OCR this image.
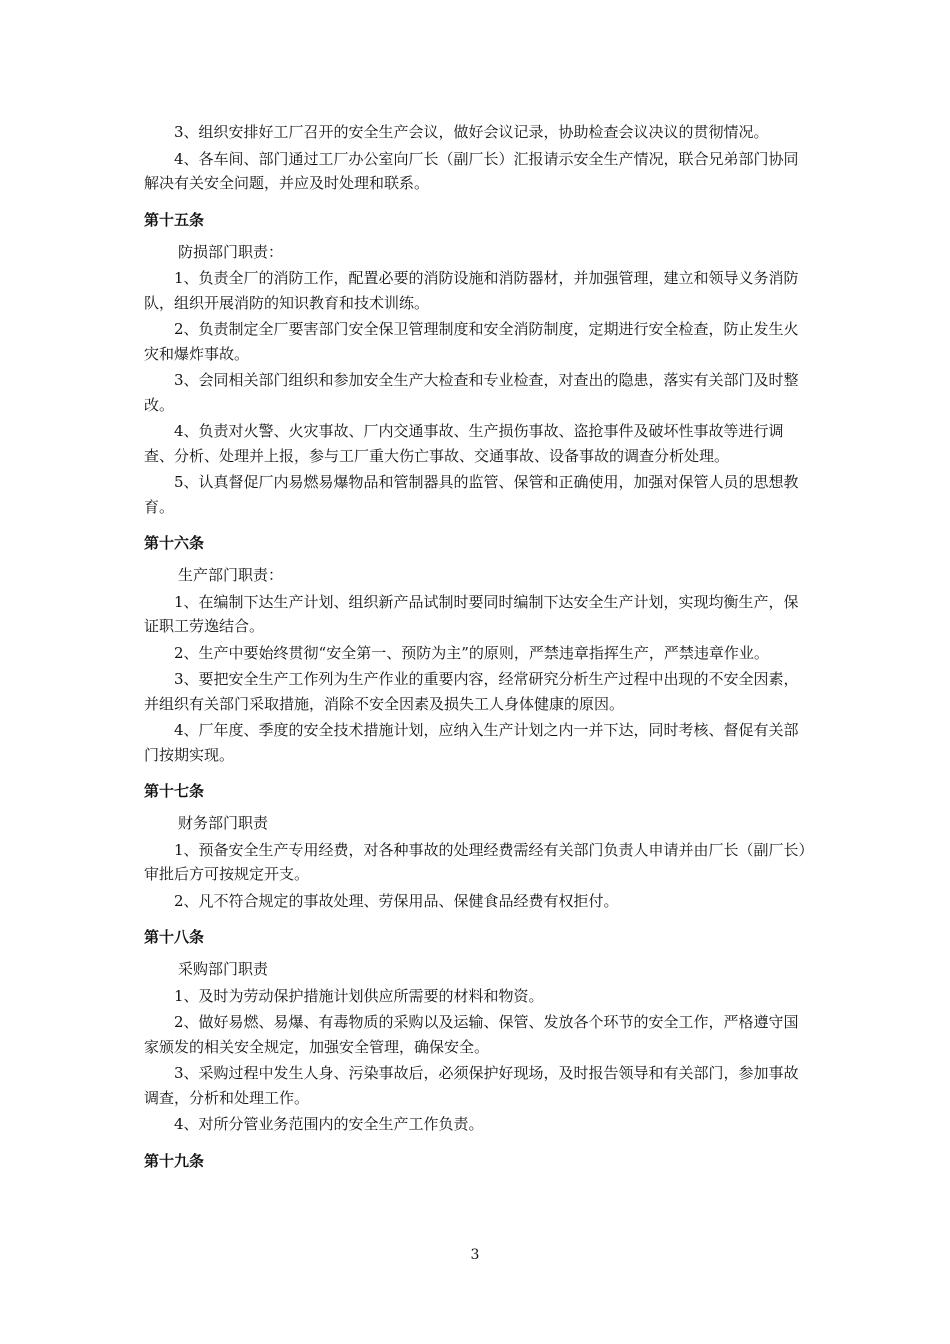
3、组织安排好工厂召开的安全生产会议，做好会议记录，协助检查会议决议的贯彻情况。

4、各车间、部门通过工厂办公室向厂长（副厂长）汇报请示安全生产情况，联合兄弟部门协同解决有关安全问题，并应及时处理和联系。

第十五条

防损部门职责：

1、负责全厂的消防工作，配置必要的消防设施和消防器材，并加强管理，建立和领导义务消防队，组织开展消防的知识教育和技术训练。

2、负责制定全厂要害部门安全保卫管理制度和安全消防制度，定期进行安全检查，防止发生火灾和爆炸事故。

3、会同相关部门组织和参加安全生产大检查和专业检查，对查出的隐患，落实有关部门及时整改。

4、负责对火警、火灾事故、厂内交通事故、生产损伤事故、盗抢事件及破坏性事故等进行调查、分析、处理并上报，参与工厂重大伤亡事故、交通事故、设备事故的调查分析处理。

5、认真督促厂内易燃易爆物品和管制器具的监管、保管和正确使用，加强对保管人员的思想教育。

第十六条

生产部门职责：

1、在编制下达生产计划、组织新产品试制时要同时编制下达安全生产计划，实现均衡生产，保证职工劳逸结合。

2、生产中要始终贯彻“安全第一、预防为主”的原则，严禁违章指挥生产，严禁违章作业。

3、要把安全生产工作列为生产作业的重要内容，经常研究分析生产过程中出现的不安全因素，并组织有关部门采取措施，消除不安全因素及损失工人身体健康的原因。

4、厂年度、季度的安全技术措施计划，应纳入生产计划之内一并下达，同时考核、督促有关部门按期实现。

第十七条

财务部门职责

1、预备安全生产专用经费，对各种事故的处理经费需经有关部门负责人申请并由厂长（副厂长）审批后方可按规定开支。

2、凡不符合规定的事故处理、劳保用品、保健食品经费有权拒付。

第十八条

采购部门职责

1、及时为劳动保护措施计划供应所需要的材料和物资。

2、做好易燃、易爆、有毒物质的采购以及运输、保管、发放各个环节的安全工作，严格遵守国家颁发的相关安全规定，加强安全管理，确保安全。

3、采购过程中发生人身、污染事故后，必须保护好现场，及时报告领导和有关部门，参加事故调查，分析和处理工作。

4、对所分管业务范围内的安全生产工作负责。

第十九条

3
